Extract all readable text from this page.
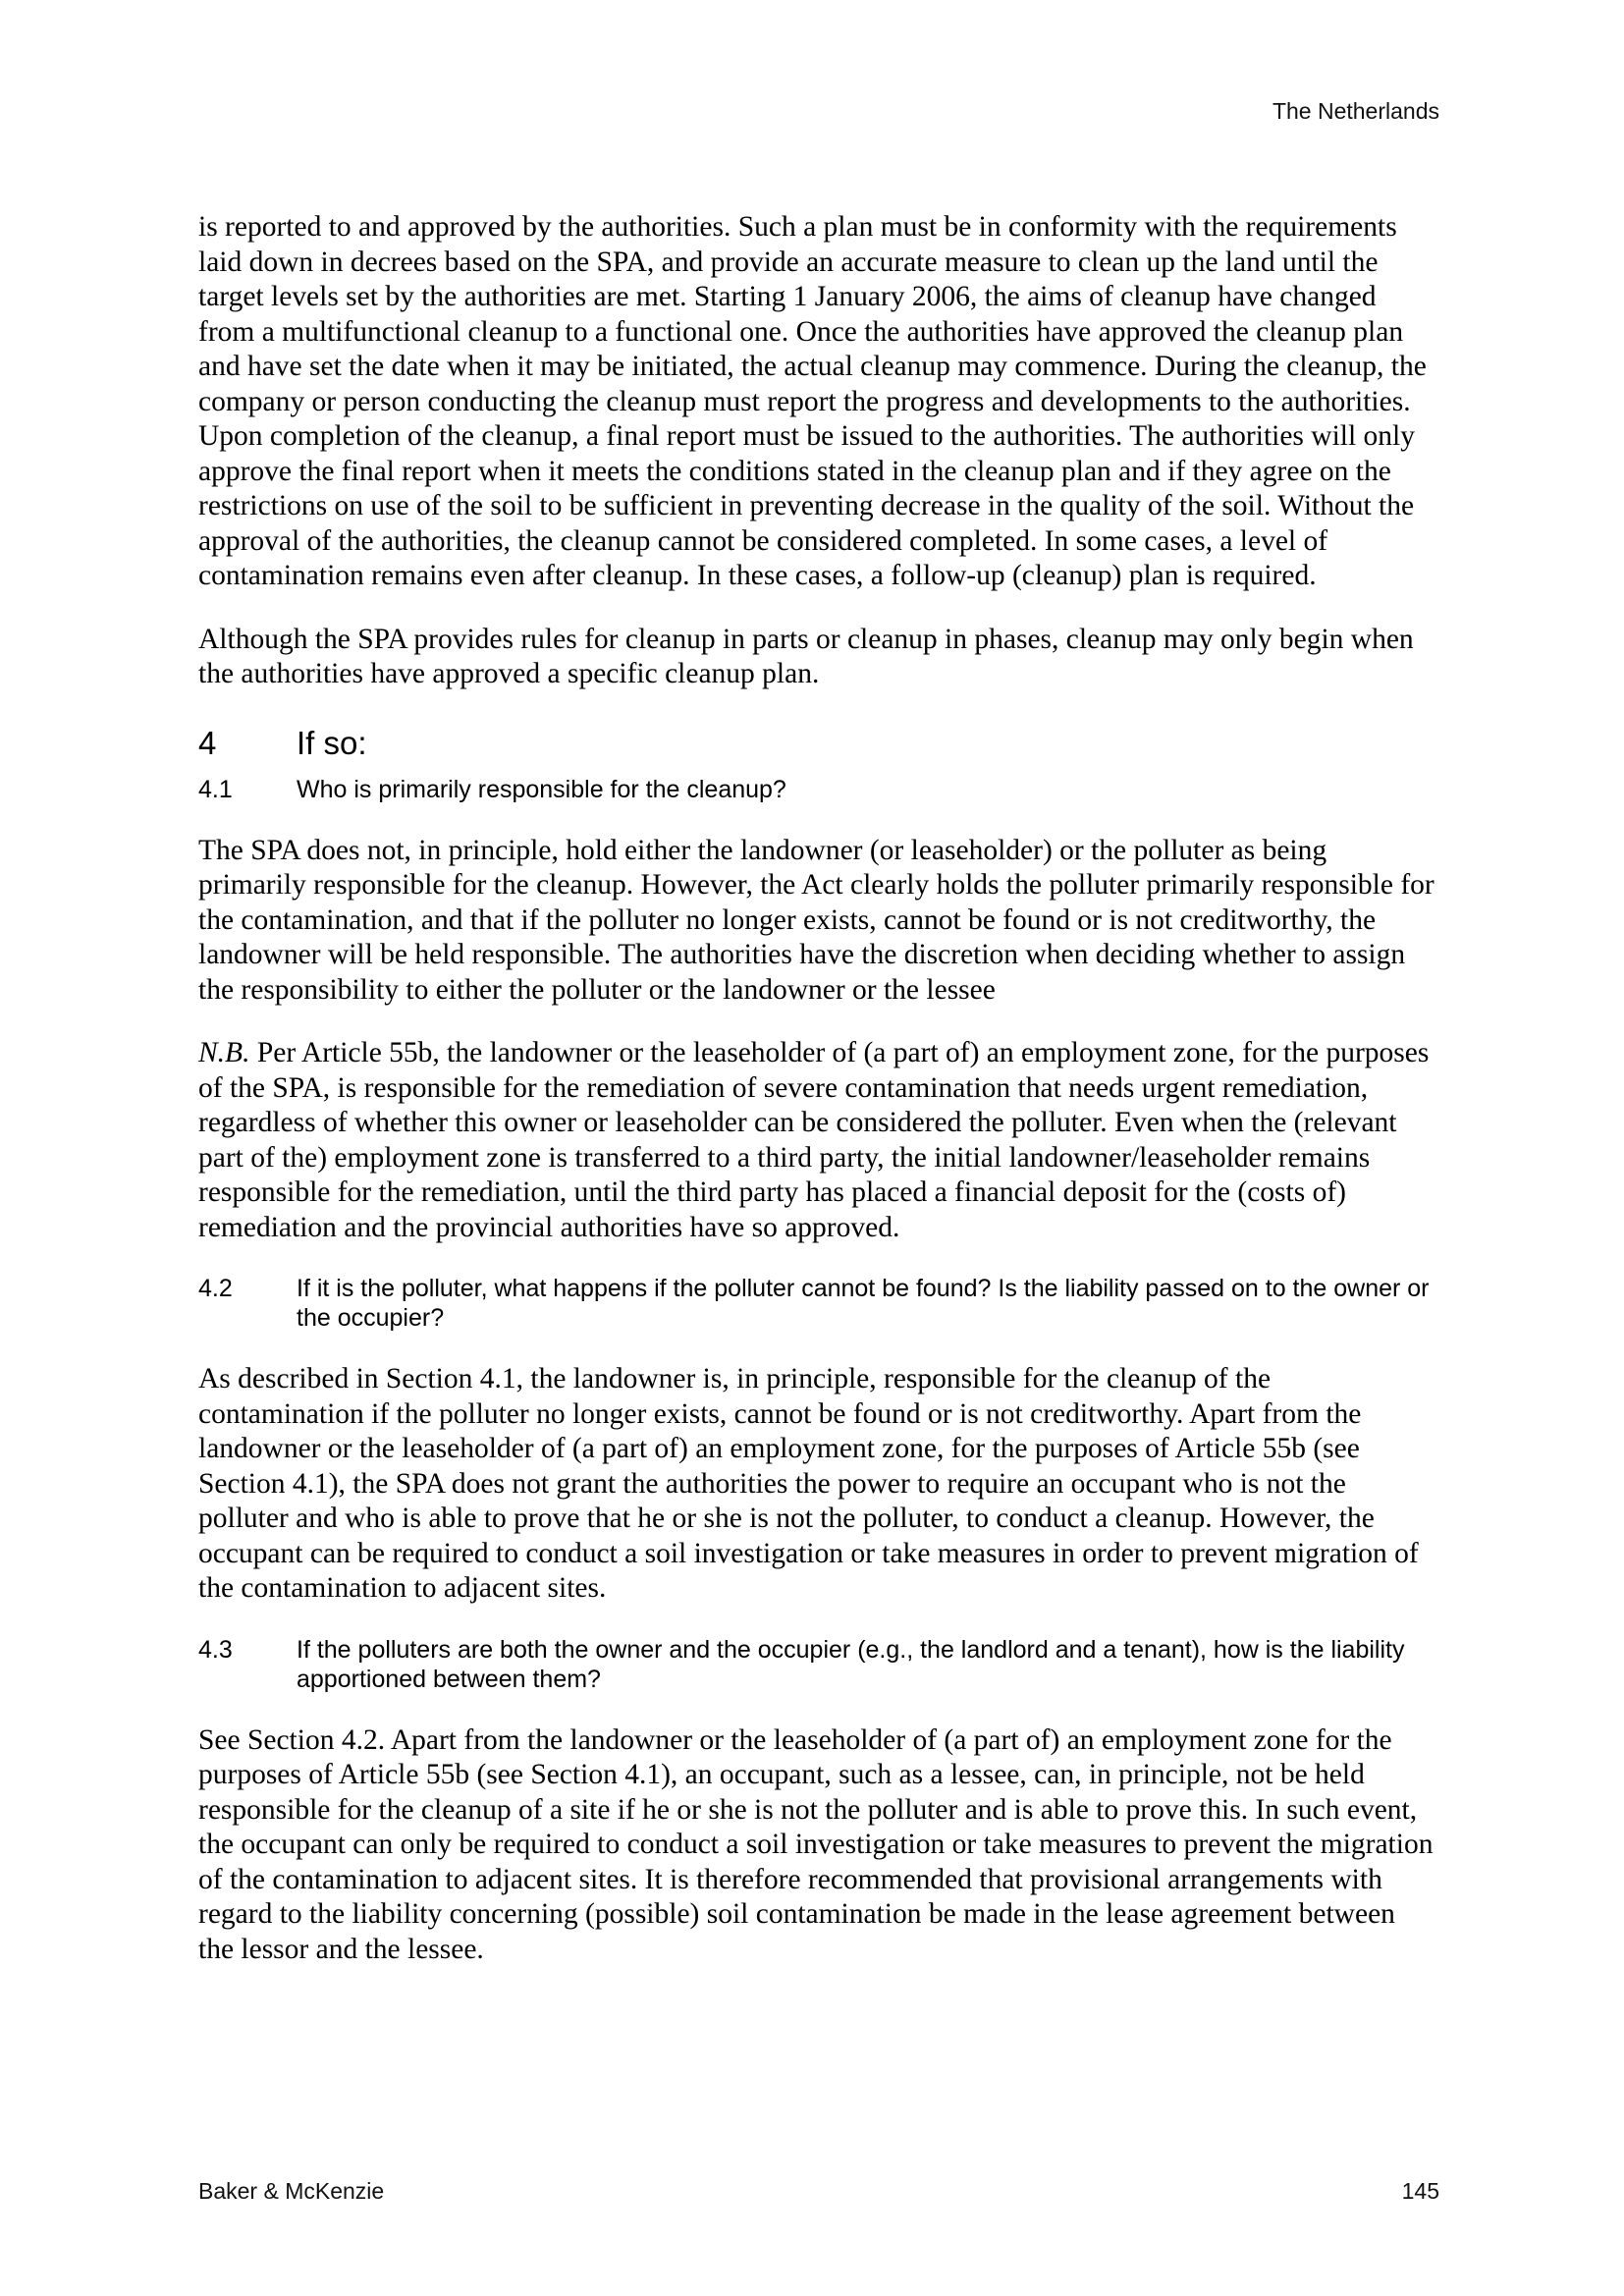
The Netherlands

is reported to and approved by the authorities. Such a plan must be in conformity with the requirements laid down in decrees based on the SPA, and provide an accurate measure to clean up the land until the target levels set by the authorities are met. Starting 1 January 2006, the aims of cleanup have changed from a multifunctional cleanup to a functional one. Once the authorities have approved the cleanup plan and have set the date when it may be initiated, the actual cleanup may commence. During the cleanup, the company or person conducting the cleanup must report the progress and developments to the authorities. Upon completion of the cleanup, a final report must be issued to the authorities. The authorities will only approve the final report when it meets the conditions stated in the cleanup plan and if they agree on the restrictions on use of the soil to be sufficient in preventing decrease in the quality of the soil. Without the approval of the authorities, the cleanup cannot be considered completed. In some cases, a level of contamination remains even after cleanup. In these cases, a follow-up (cleanup) plan is required.

Although the SPA provides rules for cleanup in parts or cleanup in phases, cleanup may only begin when the authorities have approved a specific cleanup plan.

4	If so:
4.1	Who is primarily responsible for the cleanup?

The SPA does not, in principle, hold either the landowner (or leaseholder) or the polluter as being primarily responsible for the cleanup. However, the Act clearly holds the polluter primarily responsible for the contamination, and that if the polluter no longer exists, cannot be found or is not creditworthy, the landowner will be held responsible. The authorities have the discretion when deciding whether to assign the responsibility to either the polluter or the landowner or the lessee

N.B. Per Article 55b, the landowner or the leaseholder of (a part of) an employment zone, for the purposes of the SPA, is responsible for the remediation of severe contamination that needs urgent remediation, regardless of whether this owner or leaseholder can be considered the polluter. Even when the (relevant part of the) employment zone is transferred to a third party, the initial landowner/leaseholder remains responsible for the remediation, until the third party has placed a financial deposit for the (costs of) remediation and the provincial authorities have so approved.

4.2	If it is the polluter, what happens if the polluter cannot be found? Is the liability passed on to the owner or the occupier?

As described in Section 4.1, the landowner is, in principle, responsible for the cleanup of the contamination if the polluter no longer exists, cannot be found or is not creditworthy. Apart from the landowner or the leaseholder of (a part of) an employment zone, for the purposes of Article 55b (see Section 4.1), the SPA does not grant the authorities the power to require an occupant who is not the polluter and who is able to prove that he or she is not the polluter, to conduct a cleanup. However, the occupant can be required to conduct a soil investigation or take measures in order to prevent migration of the contamination to adjacent sites.

4.3	If the polluters are both the owner and the occupier (e.g., the landlord and a tenant), how is the liability apportioned between them?

See Section 4.2. Apart from the landowner or the leaseholder of (a part of) an employment zone for the purposes of Article 55b (see Section 4.1), an occupant, such as a lessee, can, in principle, not be held responsible for the cleanup of a site if he or she is not the polluter and is able to prove this. In such event, the occupant can only be required to conduct a soil investigation or take measures to prevent the migration of the contamination to adjacent sites. It is therefore recommended that provisional arrangements with regard to the liability concerning (possible) soil contamination be made in the lease agreement between the lessor and the lessee.

Baker & McKenzie	145
